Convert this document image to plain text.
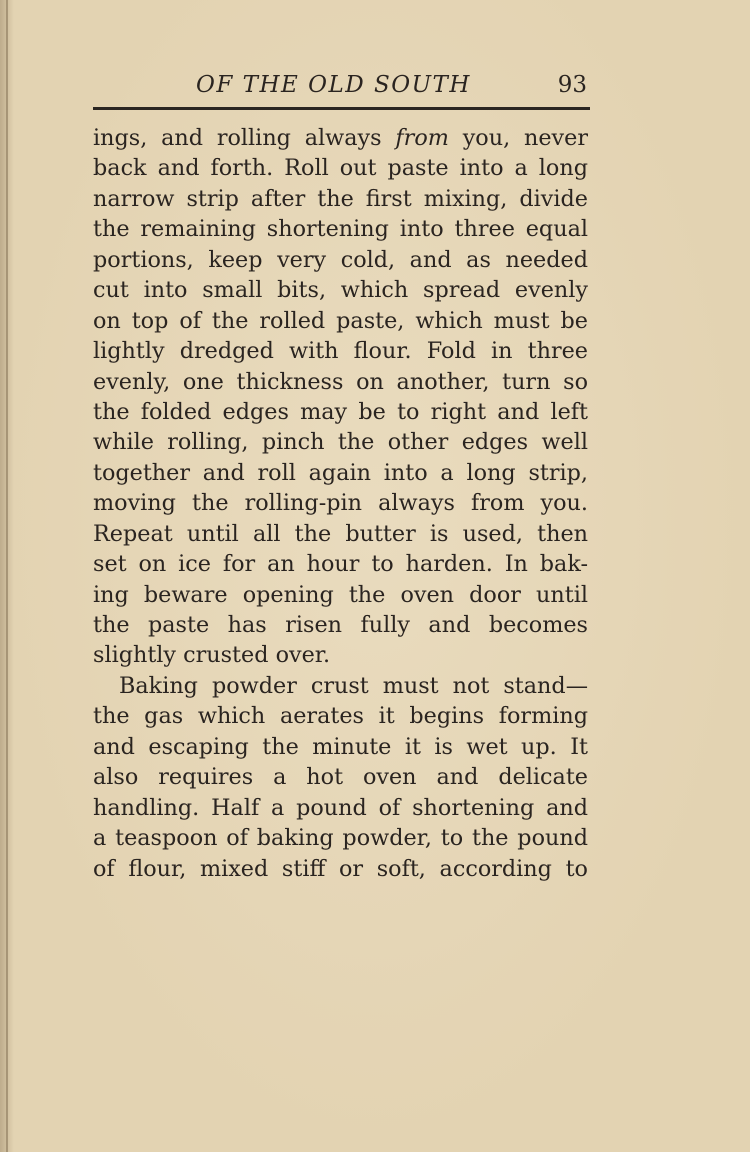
OF THE OLD SOUTH	93
ings, and rolling always from you, never
back and forth. Roll out paste into a long
narrow strip after the first mixing, divide
the remaining shortening into three equal
portions, keep very cold, and as needed
cut into small bits, which spread evenly
on top of the rolled paste, which must be
lightly dredged with flour. Fold in three
evenly, one thickness on another, turn so
the folded edges may be to right and left
while rolling, pinch the other edges well
together and roll again into a long strip,
moving the rolling-pin always from you.
Repeat until all the butter is used, then
set on ice for an hour to harden. In bak-
ing beware opening the oven door until
the paste has risen fully and becomes
slightly crusted over.
Baking powder crust must not stand—
the gas which aerates it begins forming
and escaping the minute it is wet up. It
also requires a hot oven and delicate
handling. Half a pound of shortening and
a teaspoon of baking powder, to the pound
of flour, mixed stiff or soft, according to
